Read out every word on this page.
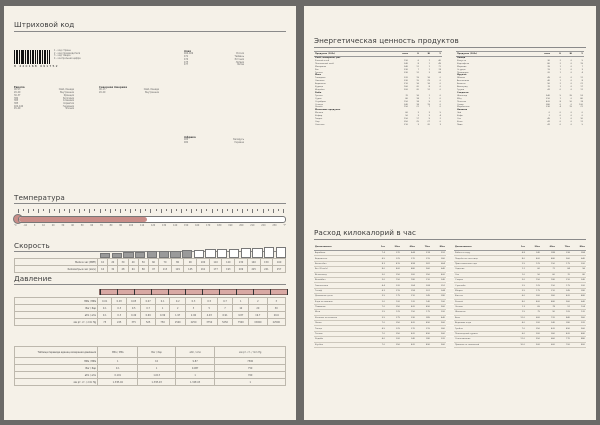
Штриховой код
8 420168 091752
1 - код страны
2 - код производителя
3 - код товара
4 - контрольная цифра
Европа
00-13	США, Канада
20-29	Внутренние
30-37	Франция
380	Болгария
383	Словения
385	Хорватия
400-440	Германия
45-49	Япония
Северная Америка
00-13	США, Канада
20-29	Внутренние
Азия
460-469	Россия
471	Тайвань
474	Эстония
475	Латвия
477	Литва
Африка
481	Беларусь
482	Украина
Температура
°C	-10	0	10	20	30	40	50	60	70	80	90	100	110	120	130	140	150	160	170	180	190	200	210	220	230	°F
Скорость
Мили в час (MPH)	10	20	30	40	50	60	70	80	90	100	110	120	130	140	150	160
Километры в час (км/ч)	16	32	48	64	80	97	113	129	145	161	177	193	209	225	241	257
Давление
MPa / MPa	0.01	0.03	0.05	0.07	0.1	0.2	0.3	0.5	0.7	1	2	3
Bar / бар	0.1	0.3	0.5	0.7	1	2	3	5	7	10	20	30
atm / атм	0.1	0.3	0.49	0.69	0.99	1.97	2.96	4.93	6.91	9.87	19.7	29.6
мм рт. ст. / mm Hg	75	225	375	525	750	1500	2250	3750	5250	7500	15000	22500
Таблица перевода единиц измерения давления	MPa / MPa	Bar / бар	atm / атм	мм рт. ст. / mm Hg
MPa / MPa	1	10	9.87	7500
Bar / бар	0.1	1	0.987	750
atm / атм	0.101	1.013	1	760
мм рт. ст. / mm Hg	1.33E-04	1.33E-03	1.32E-03	1
Энергетическая ценность продуктов
Продукты (100г)	ккал	Б	Ж	У
Хлеб, макароны, рис				
Ржаной хлеб	190	6	1	40
Пшеничный хлеб	240	8	1	49
Макароны	340	11	1	71
Рис	330	7	1	74
Гречка	330	12	3	68
Мясо				
Говядина	220	19	16	0
Свинина	330	15	29	0
Баранина	210	16	16	0
Курица	160	20	8	0
Индейка	200	20	12	0
Рыба				
Треска	70	16	1	0
Судак	80	18	1	0
Скумбрия	150	18	9	0
Сельдь	240	18	19	0
Лосось	150	21	7	0
Молочные продукты				
Молоко	60	3	3	5
Кефир	50	3	3	4
Творог	150	17	9	2
Сыр	350	25	27	0
Сметана	210	3	20	3
Продукты (100г)	ккал	Б	Ж	У
Овощи				
Капуста	30	2	0	5
Картофель	80	2	0	19
Морковь	35	1	0	7
Огурцы	15	1	0	3
Помидоры	20	1	0	4
Фрукты				
Яблоки	45	0	0	11
Апельсины	40	1	0	8
Бананы	90	2	0	21
Виноград	70	1	0	17
Груши	42	0	0	11
Сладости				
Шоколад	540	5	35	53
Мёд	310	1	0	80
Печенье	420	8	10	74
Сахар	380	0	0	100
Мороженое	230	4	15	21
Напитки				
Чай	0	0	0	0
Кофе	2	0	0	0
Сок	45	1	0	10
Кола	42	0	0	11
Пиво	42	0	0	5
Расход килокалорий в час
Деятельность	1кг	50кг	60кг	70кг	80кг
Аэробика	7.4	370	444	518	592
Бадминтон	4.5	225	270	315	360
Баскетбол	8.3	415	498	581	664
Бег (8 км/ч)	8.0	400	480	560	640
Велосипед	5.0	250	300	350	400
Волейбол	3.0	150	180	210	240
Гимнастика	4.4	220	264	308	352
Гольф	4.3	215	258	301	344
Домашние дела	3.5	175	210	245	280
Езда на машине	2.0	100	120	140	160
Плавание	7.0	350	420	490	560
Йога	2.5	125	150	175	200
Катание на коньках	5.5	275	330	385	440
Лыжи	7.0	350	420	490	560
Танцы	4.5	225	270	315	360
Теннис	7.0	350	420	490	560
Ходьба	4.0	200	240	280	320
Футбол	7.0	350	420	490	560
Деятельность	1кг	50кг	60кг	70кг	80кг
Работа в саду	4.8	240	288	336	384
Подъём по лестнице	8.0	400	480	560	640
Приготовление еды	2.5	125	150	175	200
Сидение	1.2	60	72	84	96
Сон	1.0	50	60	70	80
Стирка	3.0	150	180	210	240
Стрельба	2.5	125	150	175	200
Уборка	3.5	175	210	245	280
Фитнес	6.0	300	360	420	480
Хоккей	8.0	400	480	560	640
Чтение	1.3	65	78	91	104
Шахматы	1.5	75	90	105	120
Бокс	12.0	600	720	840	960
Верховая езда	4.0	200	240	280	320
Гребля	7.0	350	420	490	560
Пешеходный туризм	6.0	300	360	420	480
Скалолазание	11.0	550	660	770	880
Прыжки со скакалкой	10.0	500	600	700	800
